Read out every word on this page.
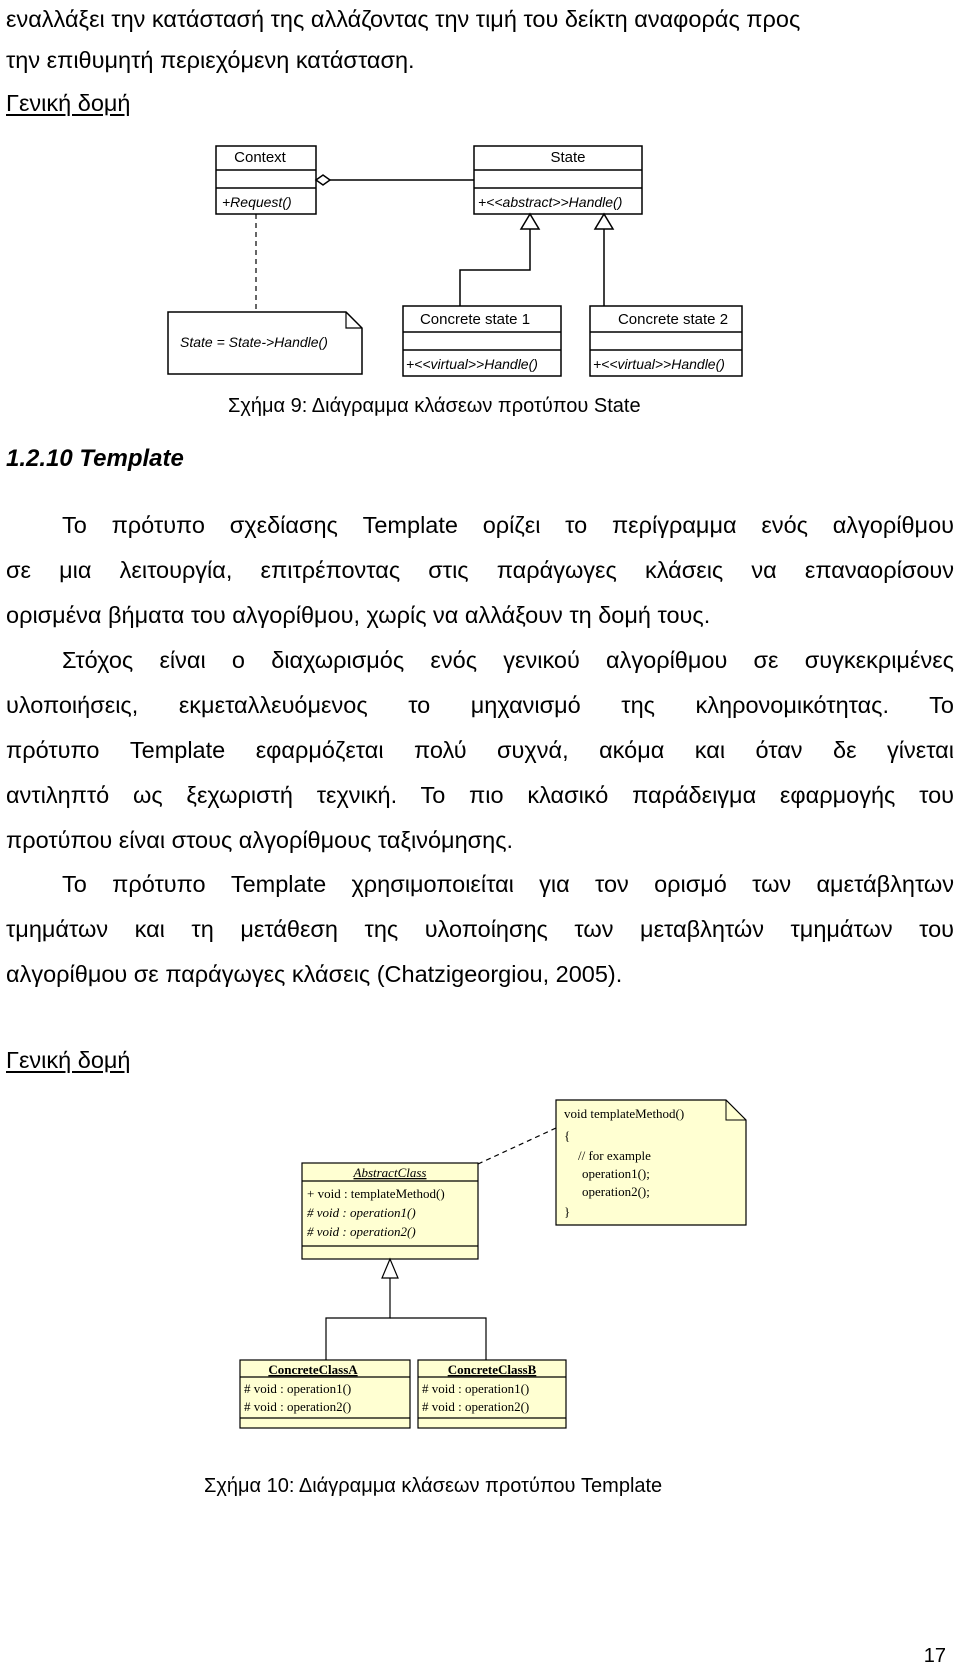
εναλλάξει την κατάστασή της αλλάζοντας την τιμή του δείκτη αναφοράς προς
την επιθυμητή περιεχόμενη κατάσταση.
Γενική δομή
Context
+Request()
State
+<<abstract>>Handle()
State = State->Handle()
Concrete state 1
+<<virtual>>Handle()
Concrete state 2
+<<virtual>>Handle()
Σχήμα 9: Διάγραμμα κλάσεων προτύπου State
1.2.10 Template
Το πρότυπο σχεδίασης Template ορίζει το περίγραμμα ενός αλγορίθμου
σε μια λειτουργία, επιτρέποντας στις παράγωγες κλάσεις να επαναορίσουν
ορισμένα βήματα του αλγορίθμου, χωρίς να αλλάξουν τη δομή τους.
Στόχος είναι ο διαχωρισμός ενός γενικού αλγορίθμου σε συγκεκριμένες
υλοποιήσεις, εκμεταλλευόμενος το μηχανισμό της κληρονομικότητας. Το
πρότυπο Template εφαρμόζεται πολύ συχνά, ακόμα και όταν δε γίνεται
αντιληπτό ως ξεχωριστή τεχνική. Το πιο κλασικό παράδειγμα εφαρμογής του
προτύπου είναι στους αλγορίθμους ταξινόμησης.
Το πρότυπο Template χρησιμοποιείται για τον ορισμό των αμετάβλητων
τμημάτων και τη μετάθεση της υλοποίησης των μεταβλητών τμημάτων του
αλγορίθμου σε παράγωγες κλάσεις (Chatzigeorgiou, 2005).
Γενική δομή
void templateMethod()
{
// for example
operation1();
operation2();
}
AbstractClass
+ void : templateMethod()
# void : operation1()
# void : operation2()
ConcreteClassA
# void : operation1()
# void : operation2()
ConcreteClassB
# void : operation1()
# void : operation2()
Σχήμα 10: Διάγραμμα κλάσεων προτύπου Template
17
